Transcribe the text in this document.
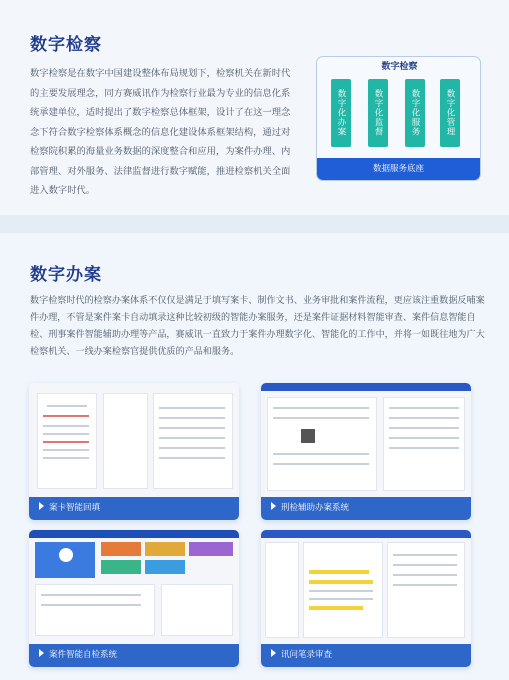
数字检察
数字检察是在数字中国建设整体布局规划下，检察机关在新时代的主要发展理念，同方赛威讯作为检察行业最为专业的信息化系统承建单位，适时提出了数字检察总体框架，设计了在这一理念念下符合数字检察体系概念的信息化建设体系框架结构，通过对检察院积累的海量业务数据的深度整合和应用，为案件办理、内部管理、对外服务、法律监督进行数字赋能，推进检察机关全面进入数字时代。
数字检察
数字化办案	数字化监督	数字化服务	数字化管理
数据服务底座
数字办案
数字检察时代的检察办案体系不仅仅是满足于填写案卡、制作文书、业务审批和案件流程，更应该注重数据反哺案件办理，不管是案件案卡自动填录这种比较初级的智能办案服务，还是案件证据材料智能审查、案件信息智能自检、刑事案件智能辅助办理等产品，赛威讯一直致力于案件办理数字化、智能化的工作中，并将一如既往地为广大检察机关、一线办案检察官提供优质的产品和服务。
案卡智能回填	刑检辅助办案系统
案件智能自检系统	讯问笔录审查
